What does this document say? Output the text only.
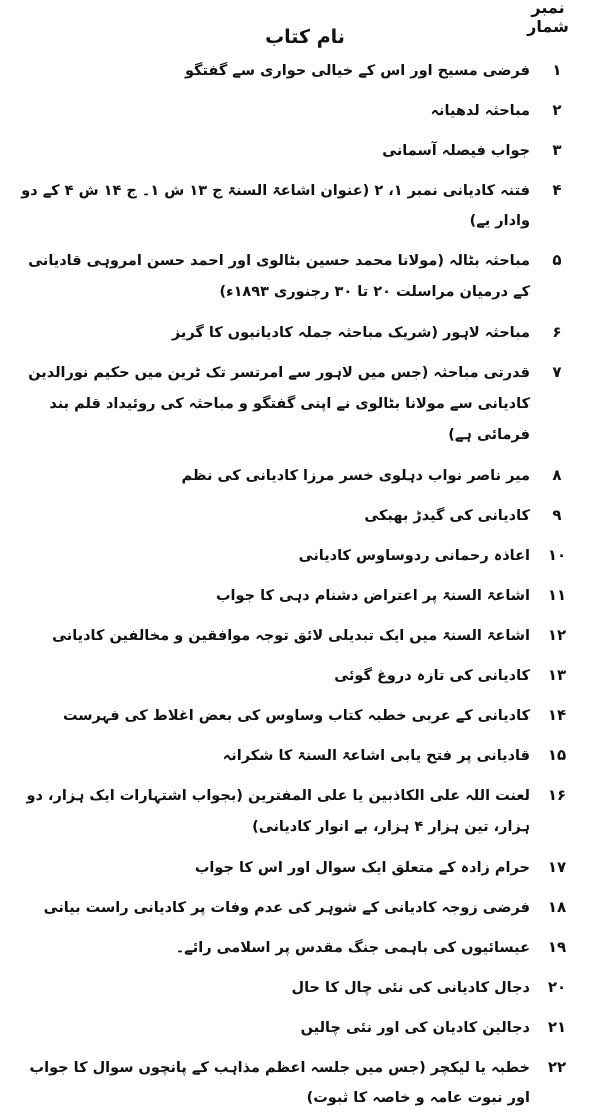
نمبر شمار
نام کتاب
۱
فرضی مسیح اور اس کے خیالی حواری سے گفتگو
۲
مباحثہ لدھیانہ
۳
جواب فیصلہ آسمانی
۴
فتنہ کادیانی نمبر ۱، ۲ (عنوان اشاعۃ السنۃ ج ۱۳ ش ۱۔ ج ۱۴ ش ۴ کے دو وادار یے)
۵
مباحثہ بٹالہ (مولانا محمد حسین بٹالوی اور احمد حسن امروہی قادیانی کے درمیان مراسلت ۲۰ تا ۳۰ رجنوری ۱۸۹۳ء)
۶
مباحثہ لاہور (شریک مباحثہ جملہ کادیانیوں کا گریز
۷
قدرتی مباحثہ (جس میں لاہور سے امرتسر تک ٹرین میں حکیم نورالدین کادیانی سے مولانا بٹالوی نے اپنی گفتگو و مباحثہ کی روئیداد قلم بند فرمائی ہے)
۸
میر ناصر نواب دہلوی خسر مرزا کادیانی کی نظم
۹
کادیانی کی گیدڑ بھبکی
۱۰
اعاذہ رحمانی ردوساوس کادیانی
۱۱
اشاعۃ السنۃ پر اعتراض دشنام دہی کا جواب
۱۲
اشاعۃ السنۃ میں ایک تبدیلی لائق توجہ موافقین و مخالفین کادیانی
۱۳
کادیانی کی تازہ دروغ گوئی
۱۴
کادیانی کے عربی خطبہ کتاب وساوس کی بعض اغلاط کی فہرست
۱۵
قادیانی پر فتح یابی اشاعۃ السنۃ کا شکرانہ
۱۶
لعنت اللہ علی الکاذبین یا علی المفترین (بجواب اشتہارات ایک ہزار، دو ہزار، تین ہزار ۴ ہزار، بے انوار کادیانی)
۱۷
حرام زادہ کے متعلق ایک سوال اور اس کا جواب
۱۸
فرضی زوجہ کادیانی کے شوہر کی عدم وفات پر کادیانی راست بیانی
۱۹
عیسائیوں کی باہمی جنگ مقدس پر اسلامی رائے۔
۲۰
دجال کادیانی کی نئی چال کا حال
۲۱
دجالین کادیان کی اور نئی چالیں
۲۲
خطبہ یا لیکچر (جس میں جلسہ اعظم مذاہب کے پانچوں سوال کا جواب اور نبوت عامہ و خاصہ کا ثبوت)
